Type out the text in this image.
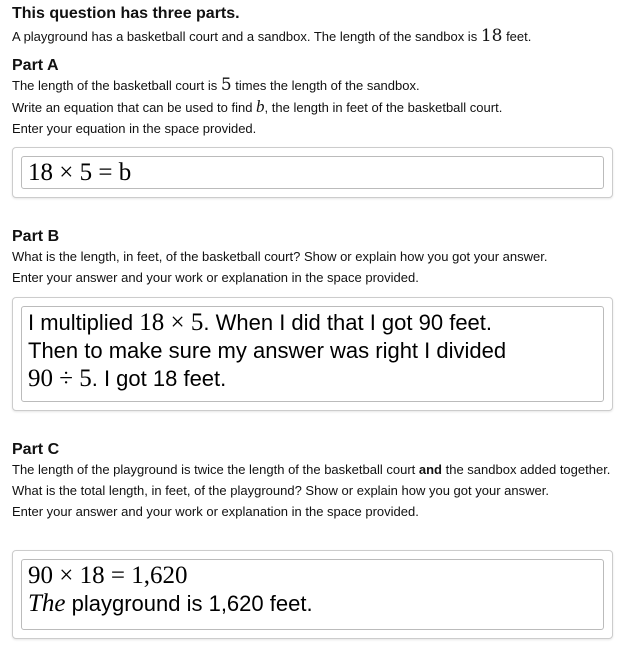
This question has three parts.

A playground has a basketball court and a sandbox. The length of the sandbox is 18 feet.

Part A

The length of the basketball court is 5 times the length of the sandbox.
Write an equation that can be used to find b, the length in feet of the basketball court.
Enter your equation in the space provided.

18 × 5 = b
Part B

What is the length, in feet, of the basketball court? Show or explain how you got your answer.
Enter your answer and your work or explanation in the space provided.

I multiplied 18 × 5. When I did that I got 90 feet.
Then to make sure my answer was right I divided
90 ÷ 5. I got 18 feet.
Part C

The length of the playground is twice the length of the basketball court and the sandbox added together.
What is the total length, in feet, of the playground? Show or explain how you got your answer.
Enter your answer and your work or explanation in the space provided.

90 × 18 = 1,620
The playground is 1,620 feet.
